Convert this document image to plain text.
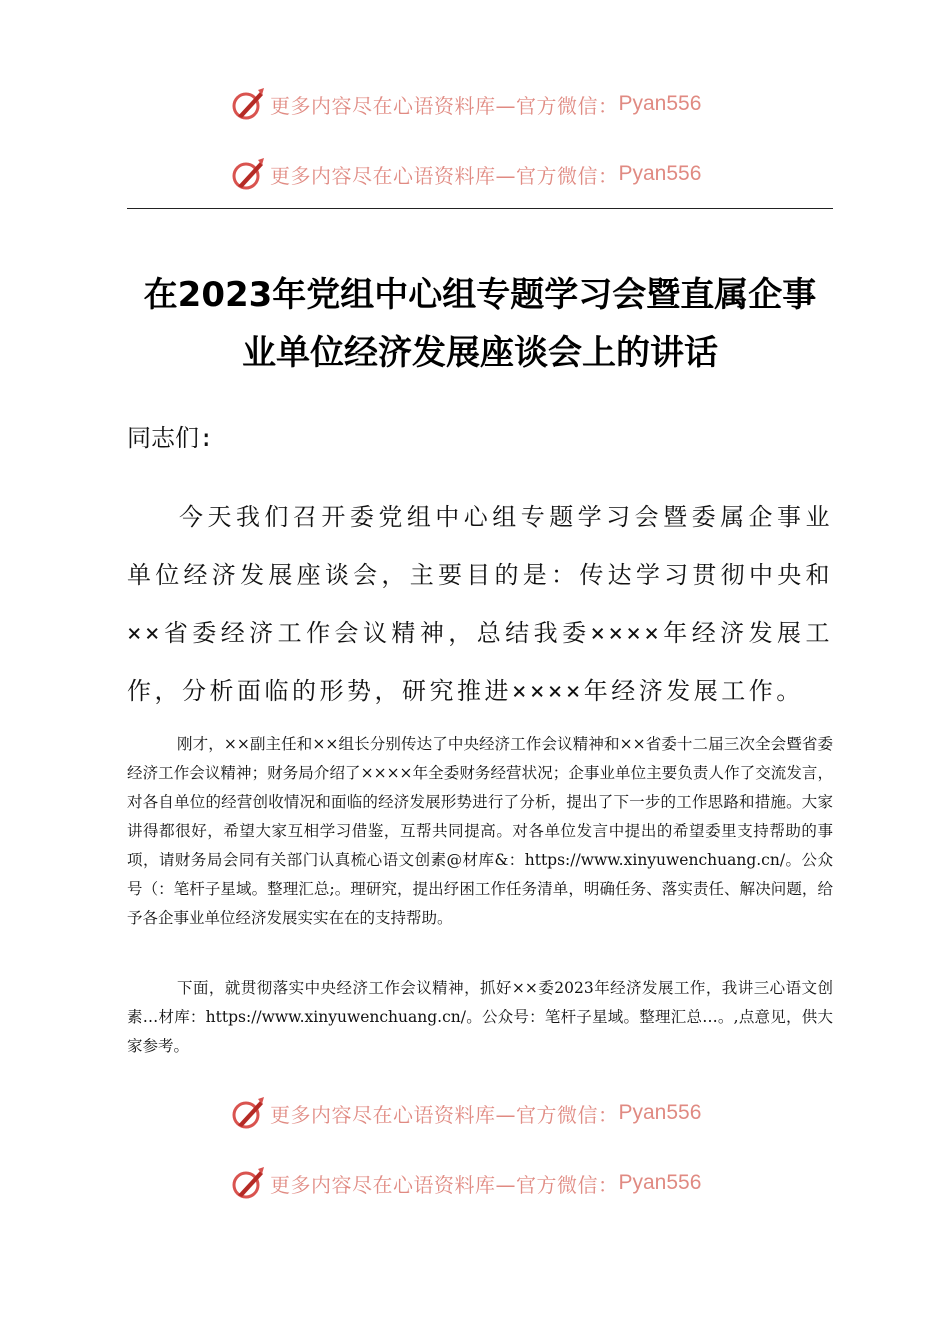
更多内容尽在心语资料库—官方微信： Pyan556
更多内容尽在心语资料库—官方微信： Pyan556
在2023年党组中心组专题学习会暨直属企事
业单位经济发展座谈会上的讲话
同志们:
今天我们召开委党组中心组专题学习会暨委属企事业单位经济发展座谈会，主要目的是：传达学习贯彻中央和××省委经济工作会议精神，总结我委××××年经济发展工作，分析面临的形势，研究推进××××年经济发展工作。
刚才，××副主任和××组长分别传达了中央经济工作会议精神和××省委十二届三次全会暨省委经济工作会议精神；财务局介绍了××××年全委财务经营状况；企事业单位主要负责人作了交流发言，对各自单位的经营创收情况和面临的经济发展形势进行了分析，提出了下一步的工作思路和措施。大家讲得都很好，希望大家互相学习借鉴，互帮共同提高。对各单位发言中提出的希望委里支持帮助的事项，请财务局会同有关部门认真梳心语文创素@材库&：https://www.xinyuwenchuang.cn/。公众号（：笔杆子星域。整理汇总;。理研究，提出纾困工作任务清单，明确任务、落实责任、解决问题，给予各企事业单位经济发展实实在在的支持帮助。
下面，就贯彻落实中央经济工作会议精神，抓好××委2023年经济发展工作，我讲三心语文创素…材库：https://www.xinyuwenchuang.cn/。公众号：笔杆子星域。整理汇总…。,点意见，供大家参考。
更多内容尽在心语资料库—官方微信： Pyan556
更多内容尽在心语资料库—官方微信： Pyan556
